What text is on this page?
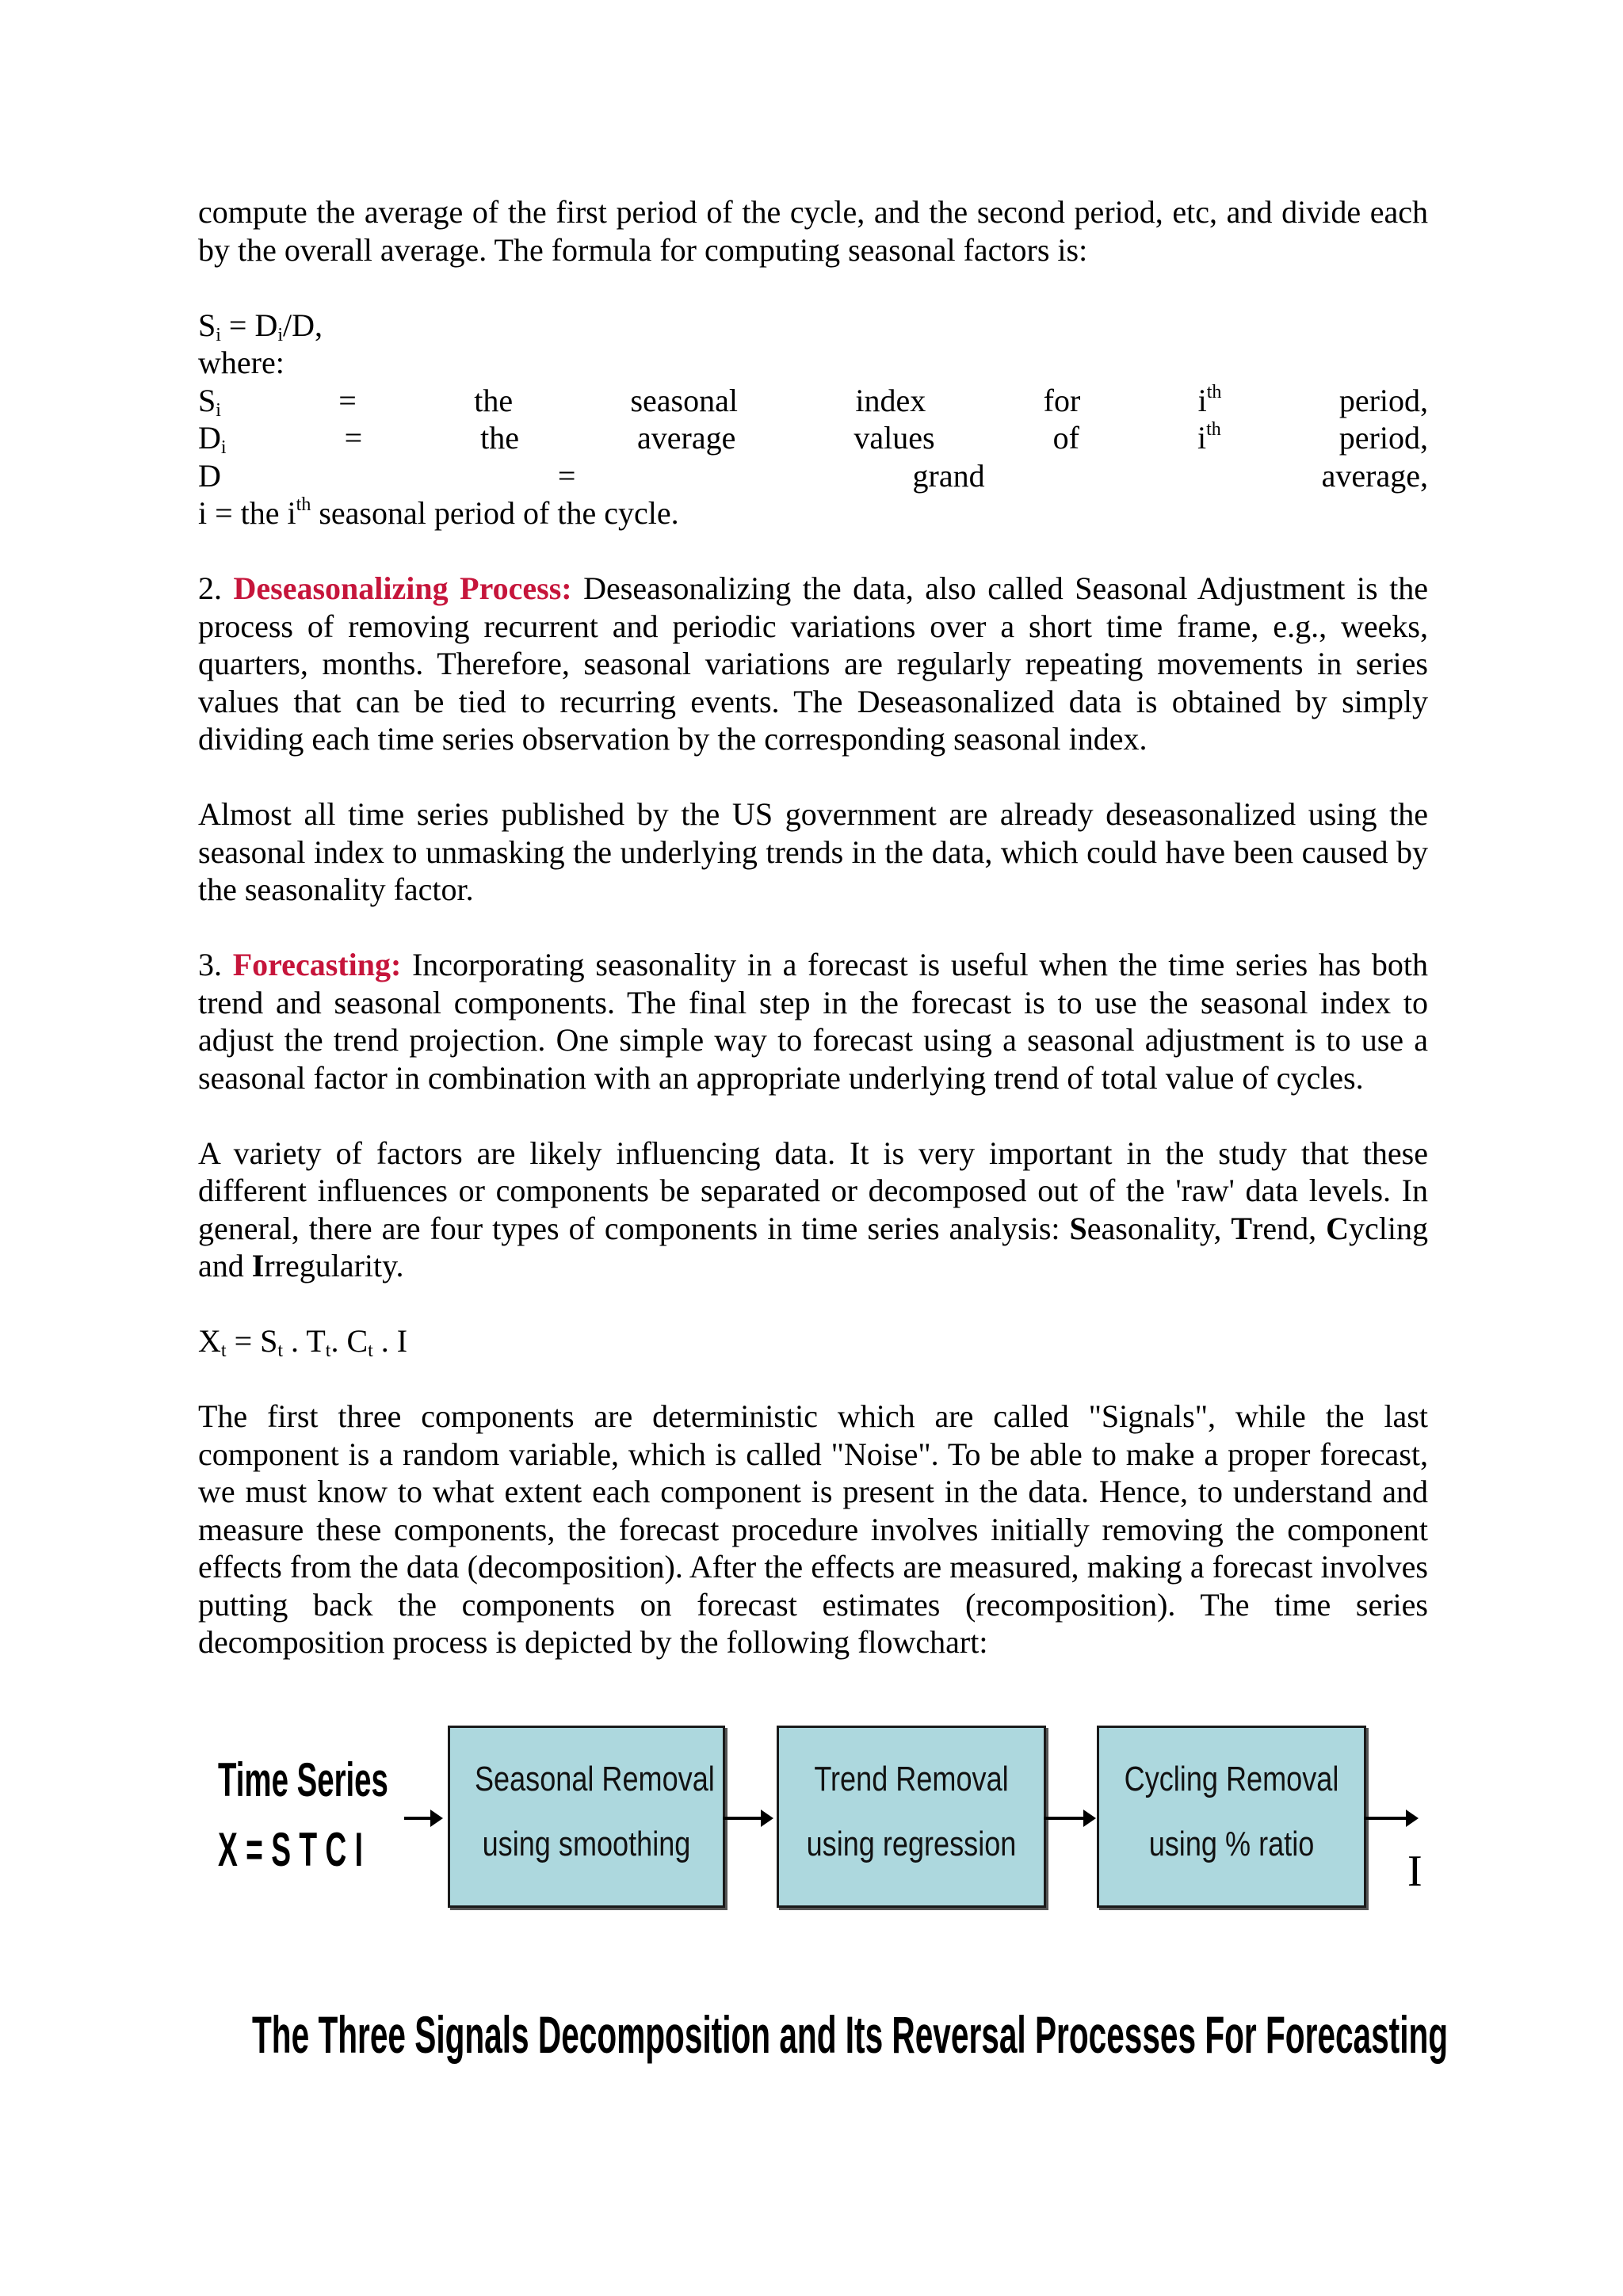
compute the average of the first period of the cycle, and the second period, etc, and divide each by the overall average. The formula for computing seasonal factors is:

$S_i = D_i/D$,
where:
$S_i$	=	the	seasonal	index	for	$i^{th}$	period,
$D_i$	=	the	average	values	of	$i^{th}$	period,
D	=	grand	average,
i = the $i^{th}$ seasonal period of the cycle.

2. Deseasonalizing Process: Deseasonalizing the data, also called Seasonal Adjustment is the process of removing recurrent and periodic variations over a short time frame, e.g., weeks, quarters, months. Therefore, seasonal variations are regularly repeating movements in series values that can be tied to recurring events. The Deseasonalized data is obtained by simply dividing each time series observation by the corresponding seasonal index.

Almost all time series published by the US government are already deseasonalized using the seasonal index to unmasking the underlying trends in the data, which could have been caused by the seasonality factor.

3. Forecasting: Incorporating seasonality in a forecast is useful when the time series has both trend and seasonal components. The final step in the forecast is to use the seasonal index to adjust the trend projection. One simple way to forecast using a seasonal adjustment is to use a seasonal factor in combination with an appropriate underlying trend of total value of cycles.

A variety of factors are likely influencing data. It is very important in the study that these different influences or components be separated or decomposed out of the 'raw' data levels. In general, there are four types of components in time series analysis: Seasonality, Trend, Cycling and Irregularity.

$X_t = S_t$ . $T_t$. $C_t$ . I

The first three components are deterministic which are called "Signals", while the last component is a random variable, which is called "Noise". To be able to make a proper forecast, we must know to what extent each component is present in the data. Hence, to understand and measure these components, the forecast procedure involves initially removing the component effects from the data (decomposition). After the effects are measured, making a forecast involves putting back the components on forecast estimates (recomposition). The time series decomposition process is depicted by the following flowchart:

Time Series
X = S T C I
Seasonal Removal
using smoothing
Trend Removal
using regression
Cycling Removal
using % ratio
I
The Three Signals Decomposition and Its Reversal Processes For Forecasting
